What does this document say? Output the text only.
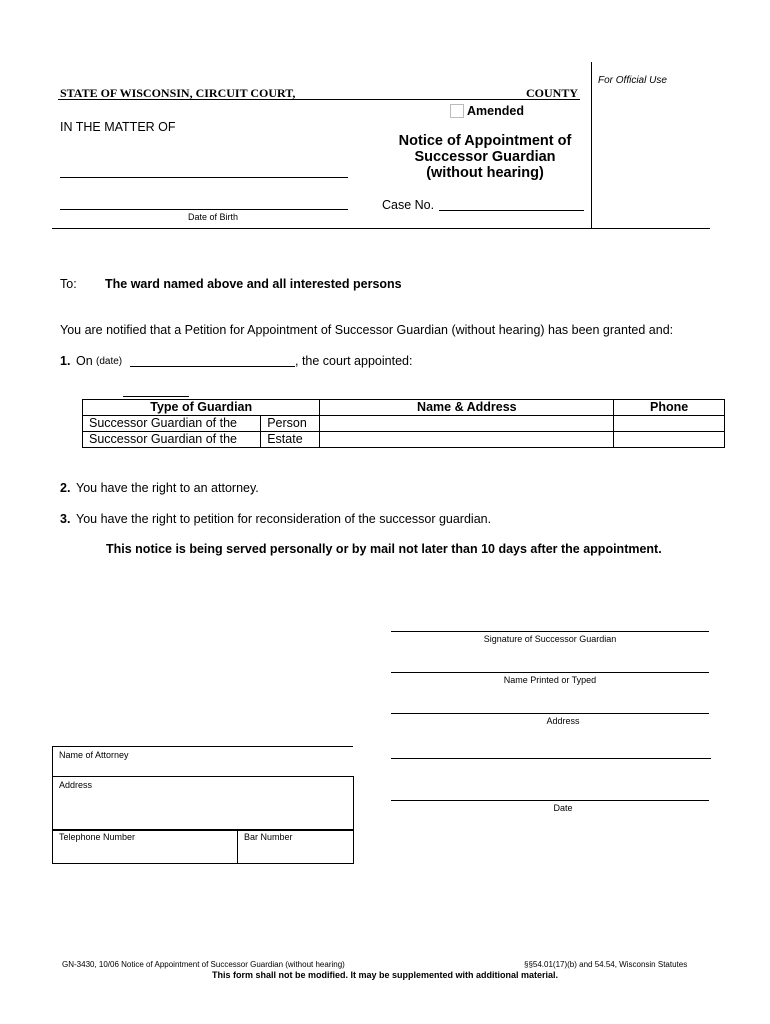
For Official Use
STATE OF WISCONSIN, CIRCUIT COURT,	COUNTY
Amended
IN THE MATTER OF
Date of Birth
Notice of Appointment of
Successor Guardian
(without hearing)
Case No.
To: The ward named above and all interested persons
You are notified that a Petition for Appointment of Successor Guardian (without hearing) has been granted and:
1. On (date)	, the court appointed:
Type of Guardian		Name & Address	Phone
Successor Guardian of the	Person		
Successor Guardian of the	Estate		
2. You have the right to an attorney.
3. You have the right to petition for reconsideration of the successor guardian.
This notice is being served personally or by mail not later than 10 days after the appointment.
Signature of Successor Guardian
Name Printed or Typed
Address
Date
Name of Attorney
Address
Telephone Number	Bar Number
GN-3430, 10/06 Notice of Appointment of Successor Guardian (without hearing)	§§54.01(17)(b) and 54.54, Wisconsin Statutes
This form shall not be modified. It may be supplemented with additional material.
